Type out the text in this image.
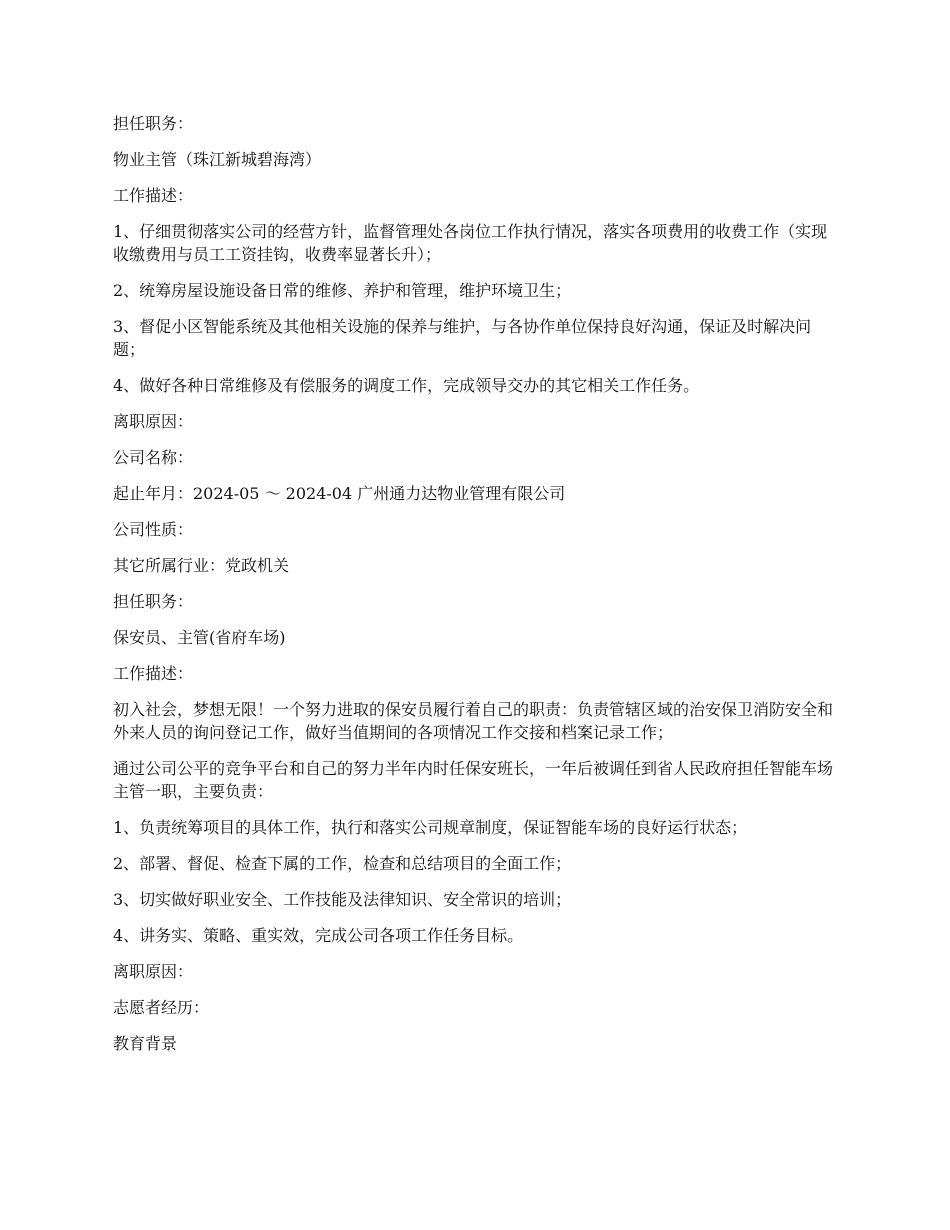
担任职务：

物业主管（珠江新城碧海湾）

工作描述：

1、仔细贯彻落实公司的经营方针，监督管理处各岗位工作执行情况，落实各项费用的收费工作（实现收缴费用与员工工资挂钩，收费率显著长升）；

2、统筹房屋设施设备日常的维修、养护和管理，维护环境卫生；

3、督促小区智能系统及其他相关设施的保养与维护，与各协作单位保持良好沟通，保证及时解决问题；

4、做好各种日常维修及有偿服务的调度工作，完成领导交办的其它相关工作任务。

离职原因：

公司名称：

起止年月：2024-05 ～ 2024-04 广州通力达物业管理有限公司

公司性质：

其它所属行业：党政机关

担任职务：

保安员、主管(省府车场)

工作描述：

初入社会，梦想无限！一个努力进取的保安员履行着自己的职责：负责管辖区域的治安保卫消防安全和外来人员的询问登记工作，做好当值期间的各项情况工作交接和档案记录工作；

通过公司公平的竞争平台和自己的努力半年内时任保安班长，一年后被调任到省人民政府担任智能车场主管一职，主要负责：

1、负责统筹项目的具体工作，执行和落实公司规章制度，保证智能车场的良好运行状态；

2、部署、督促、检查下属的工作，检查和总结项目的全面工作；

3、切实做好职业安全、工作技能及法律知识、安全常识的培训；

4、讲务实、策略、重实效，完成公司各项工作任务目标。

离职原因：

志愿者经历：

教育背景
